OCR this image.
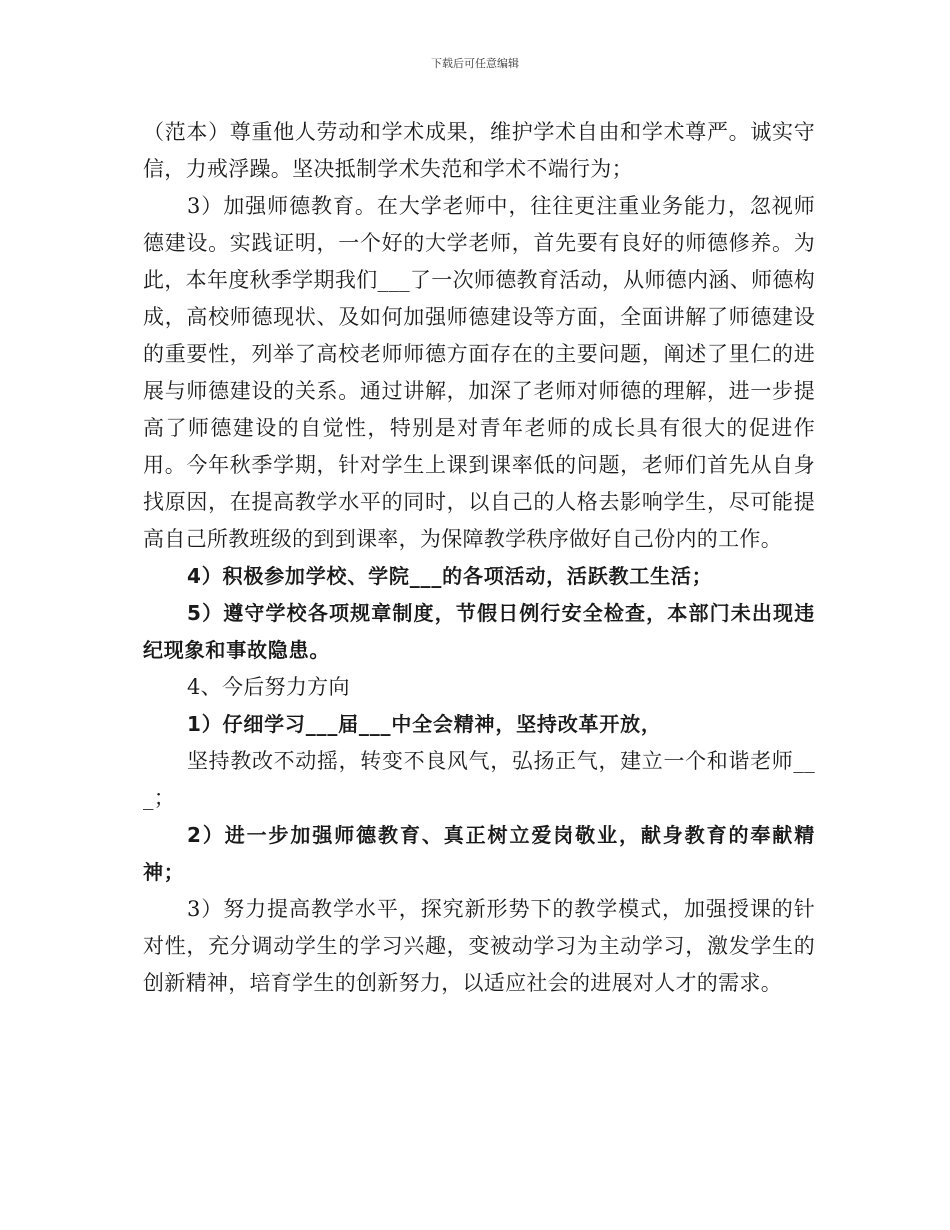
下载后可任意编辑

（范本）尊重他人劳动和学术成果，维护学术自由和学术尊严。诚实守信，力戒浮躁。坚决抵制学术失范和学术不端行为；

3）加强师德教育。在大学老师中，往往更注重业务能力，忽视师德建设。实践证明，一个好的大学老师，首先要有良好的师德修养。为此，本年度秋季学期我们___了一次师德教育活动，从师德内涵、师德构成，高校师德现状、及如何加强师德建设等方面，全面讲解了师德建设的重要性，列举了高校老师师德方面存在的主要问题，阐述了里仁的进展与师德建设的关系。通过讲解，加深了老师对师德的理解，进一步提高了师德建设的自觉性，特别是对青年老师的成长具有很大的促进作用。今年秋季学期，针对学生上课到课率低的问题，老师们首先从自身找原因，在提高教学水平的同时，以自己的人格去影响学生，尽可能提高自己所教班级的到到课率，为保障教学秩序做好自己份内的工作。

4）积极参加学校、学院___的各项活动，活跃教工生活；

5）遵守学校各项规章制度，节假日例行安全检查，本部门未出现违纪现象和事故隐患。

4、今后努力方向

1）仔细学习___届___中全会精神，坚持改革开放，

坚持教改不动摇，转变不良风气，弘扬正气，建立一个和谐老师___；

2）进一步加强师德教育、真正树立爱岗敬业，献身教育的奉献精神；

3）努力提高教学水平，探究新形势下的教学模式，加强授课的针对性，充分调动学生的学习兴趣，变被动学习为主动学习，激发学生的创新精神，培育学生的创新努力，以适应社会的进展对人才的需求。
